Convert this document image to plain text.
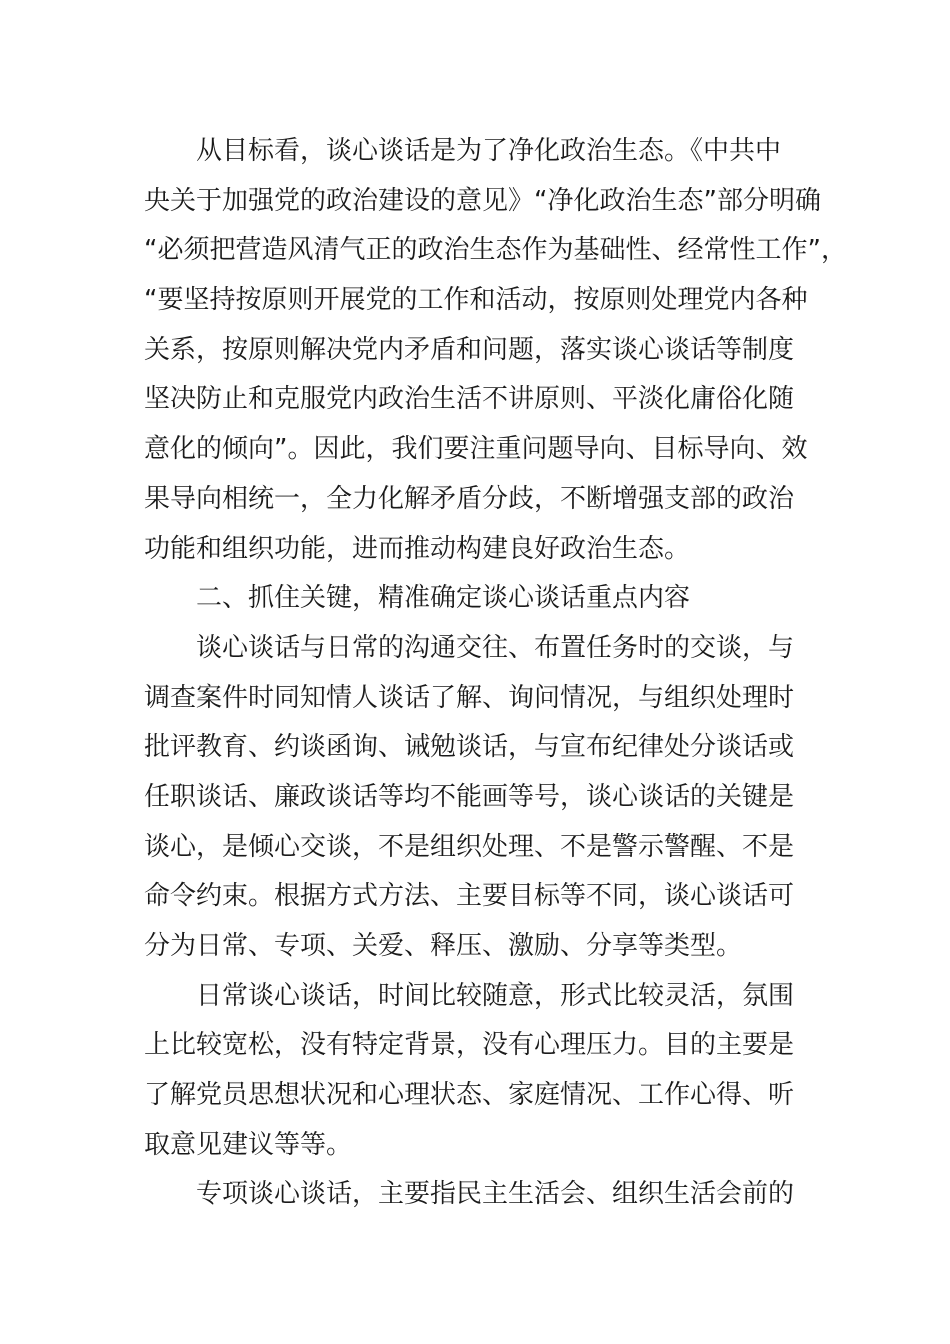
从目标看，谈心谈话是为了净化政治生态。《中共中
央关于加强党的政治建设的意见》“净化政治生态”部分明确
“必须把营造风清气正的政治生态作为基础性、经常性工作”，
“要坚持按原则开展党的工作和活动，按原则处理党内各种
关系，按原则解决党内矛盾和问题，落实谈心谈话等制度
坚决防止和克服党内政治生活不讲原则、平淡化庸俗化随
意化的倾向”。因此，我们要注重问题导向、目标导向、效
果导向相统一，全力化解矛盾分歧，不断增强支部的政治
功能和组织功能，进而推动构建良好政治生态。
二、抓住关键，精准确定谈心谈话重点内容
谈心谈话与日常的沟通交往、布置任务时的交谈，与
调查案件时同知情人谈话了解、询问情况，与组织处理时
批评教育、约谈函询、诫勉谈话，与宣布纪律处分谈话或
任职谈话、廉政谈话等均不能画等号，谈心谈话的关键是
谈心，是倾心交谈，不是组织处理、不是警示警醒、不是
命令约束。根据方式方法、主要目标等不同，谈心谈话可
分为日常、专项、关爱、释压、激励、分享等类型。
日常谈心谈话，时间比较随意，形式比较灵活，氛围
上比较宽松，没有特定背景，没有心理压力。目的主要是
了解党员思想状况和心理状态、家庭情况、工作心得、听
取意见建议等等。
专项谈心谈话，主要指民主生活会、组织生活会前的
